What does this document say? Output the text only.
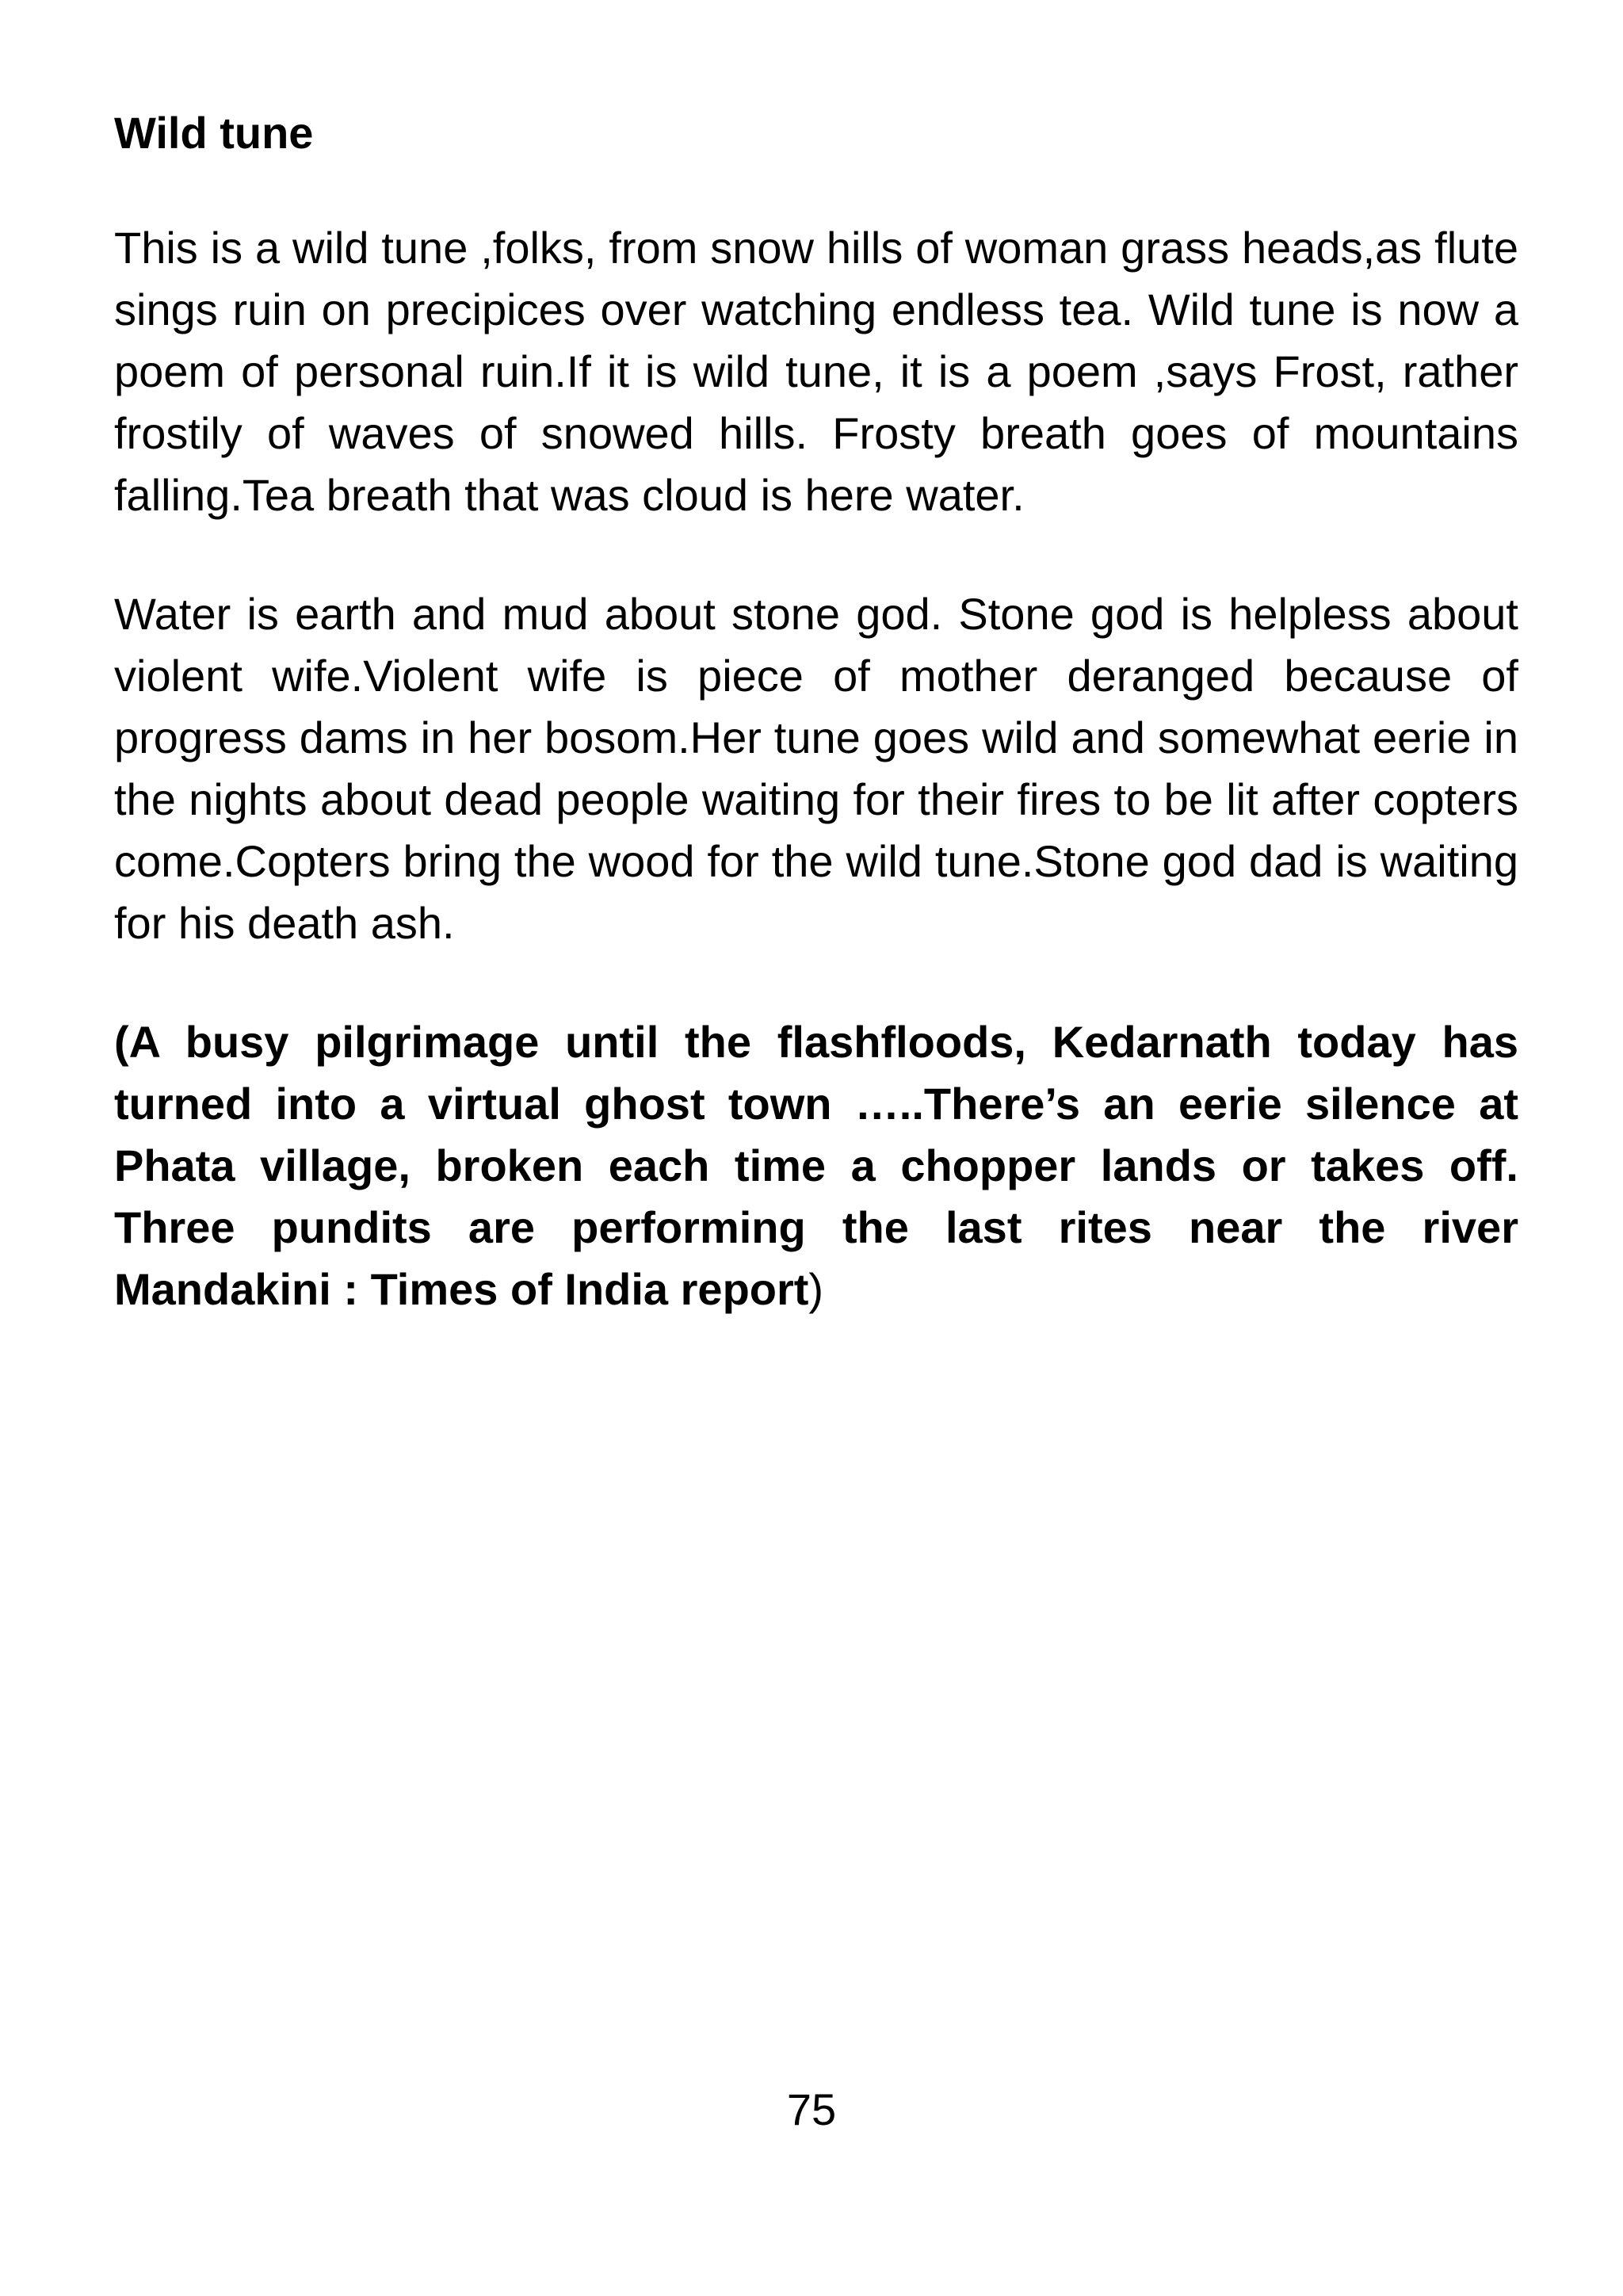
Wild tune

This is a wild tune ,folks, from snow hills of woman grass heads,as flute sings ruin on precipices over watching endless tea. Wild tune is now a poem of personal ruin.If it is wild tune, it is a poem ,says Frost, rather frostily of waves of snowed hills. Frosty breath goes of mountains falling.Tea breath that was cloud is here water.

Water is earth and mud about stone god. Stone god is helpless about violent wife.Violent wife is piece of mother deranged because of progress dams in her bosom.Her tune goes wild and somewhat eerie in the nights about dead people waiting for their fires to be lit after copters come.Copters bring the wood for the wild tune.Stone god dad is waiting for his death ash.

(A busy pilgrimage until the flashfloods, Kedarnath today has turned into a virtual ghost town …..There’s an eerie silence at Phata village, broken each time a chopper lands or takes off. Three pundits are performing the last rites near the river Mandakini : Times of India report)

75
